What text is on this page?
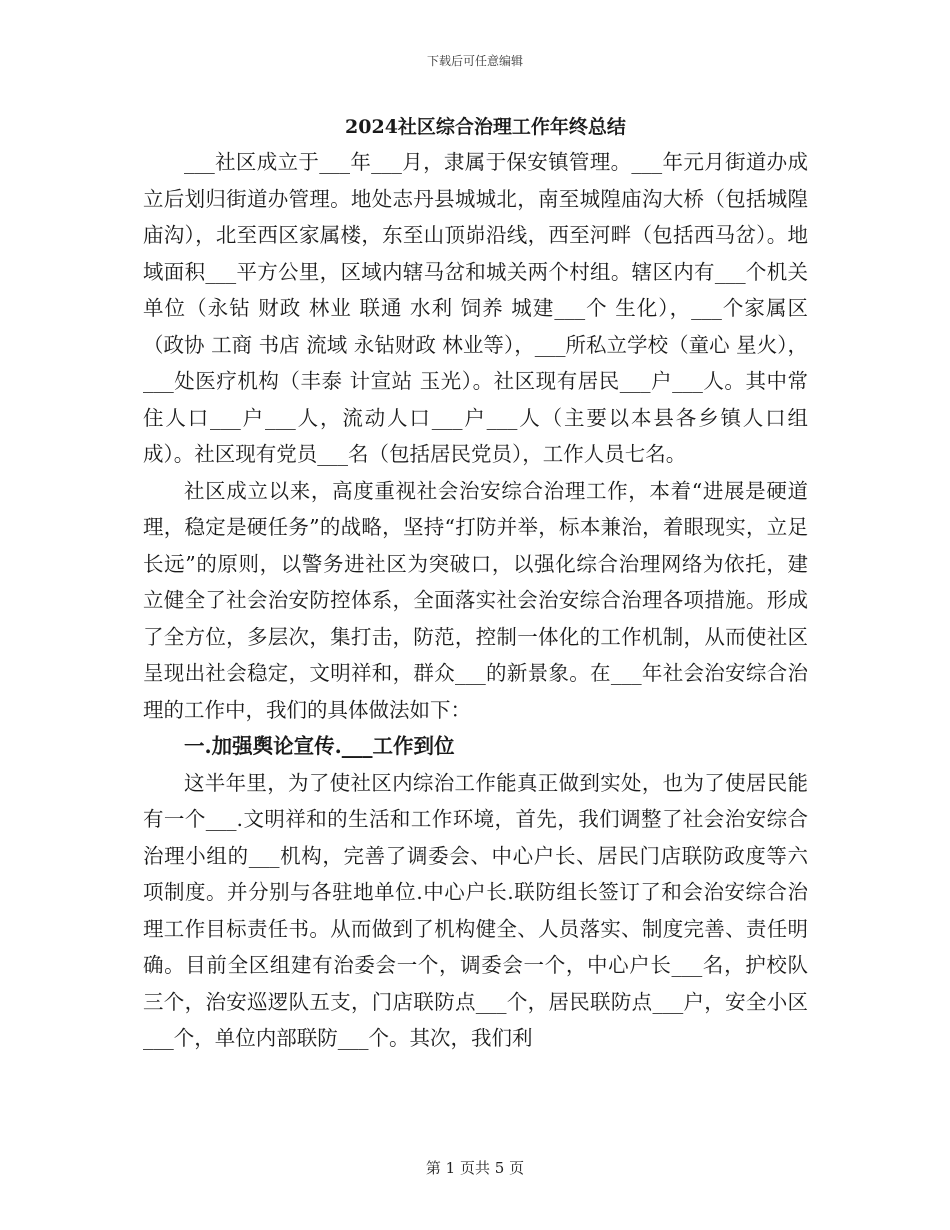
下载后可任意编辑
2024社区综合治理工作年终总结

___社区成立于___年___月，隶属于保安镇管理。___年元月街道办成立后划归街道办管理。地处志丹县城城北，南至城隍庙沟大桥（包括城隍庙沟），北至西区家属楼，东至山顶峁沿线，西至河畔（包括西马岔）。地域面积___平方公里，区域内辖马岔和城关两个村组。辖区内有___个机关单位（永钻 财政 林业 联通 水利 饲养 城建___个 生化），___个家属区（政协 工商 书店 流域 永钻财政 林业等），___所私立学校（童心 星火），___处医疗机构（丰泰 计宣站 玉光）。社区现有居民___户___人。其中常住人口___户___人，流动人口___户___人（主要以本县各乡镇人口组成）。社区现有党员___名（包括居民党员），工作人员七名。

社区成立以来，高度重视社会治安综合治理工作，本着“进展是硬道理，稳定是硬任务”的战略，坚持“打防并举，标本兼治，着眼现实，立足长远”的原则，以警务进社区为突破口，以强化综合治理网络为依托，建立健全了社会治安防控体系，全面落实社会治安综合治理各项措施。形成了全方位，多层次，集打击，防范，控制一体化的工作机制，从而使社区呈现出社会稳定，文明祥和，群众___的新景象。在___年社会治安综合治理的工作中，我们的具体做法如下：

一.加强舆论宣传.___工作到位

这半年里，为了使社区内综治工作能真正做到实处，也为了使居民能有一个___.文明祥和的生活和工作环境，首先，我们调整了社会治安综合治理小组的___机构，完善了调委会、中心户长、居民门店联防政度等六项制度。并分别与各驻地单位.中心户长.联防组长签订了和会治安综合治理工作目标责任书。从而做到了机构健全、人员落实、制度完善、责任明确。目前全区组建有治委会一个，调委会一个，中心户长___名，护校队三个，治安巡逻队五支，门店联防点___个，居民联防点___户，安全小区___个，单位内部联防___个。其次，我们利

第 1 页共 5 页
